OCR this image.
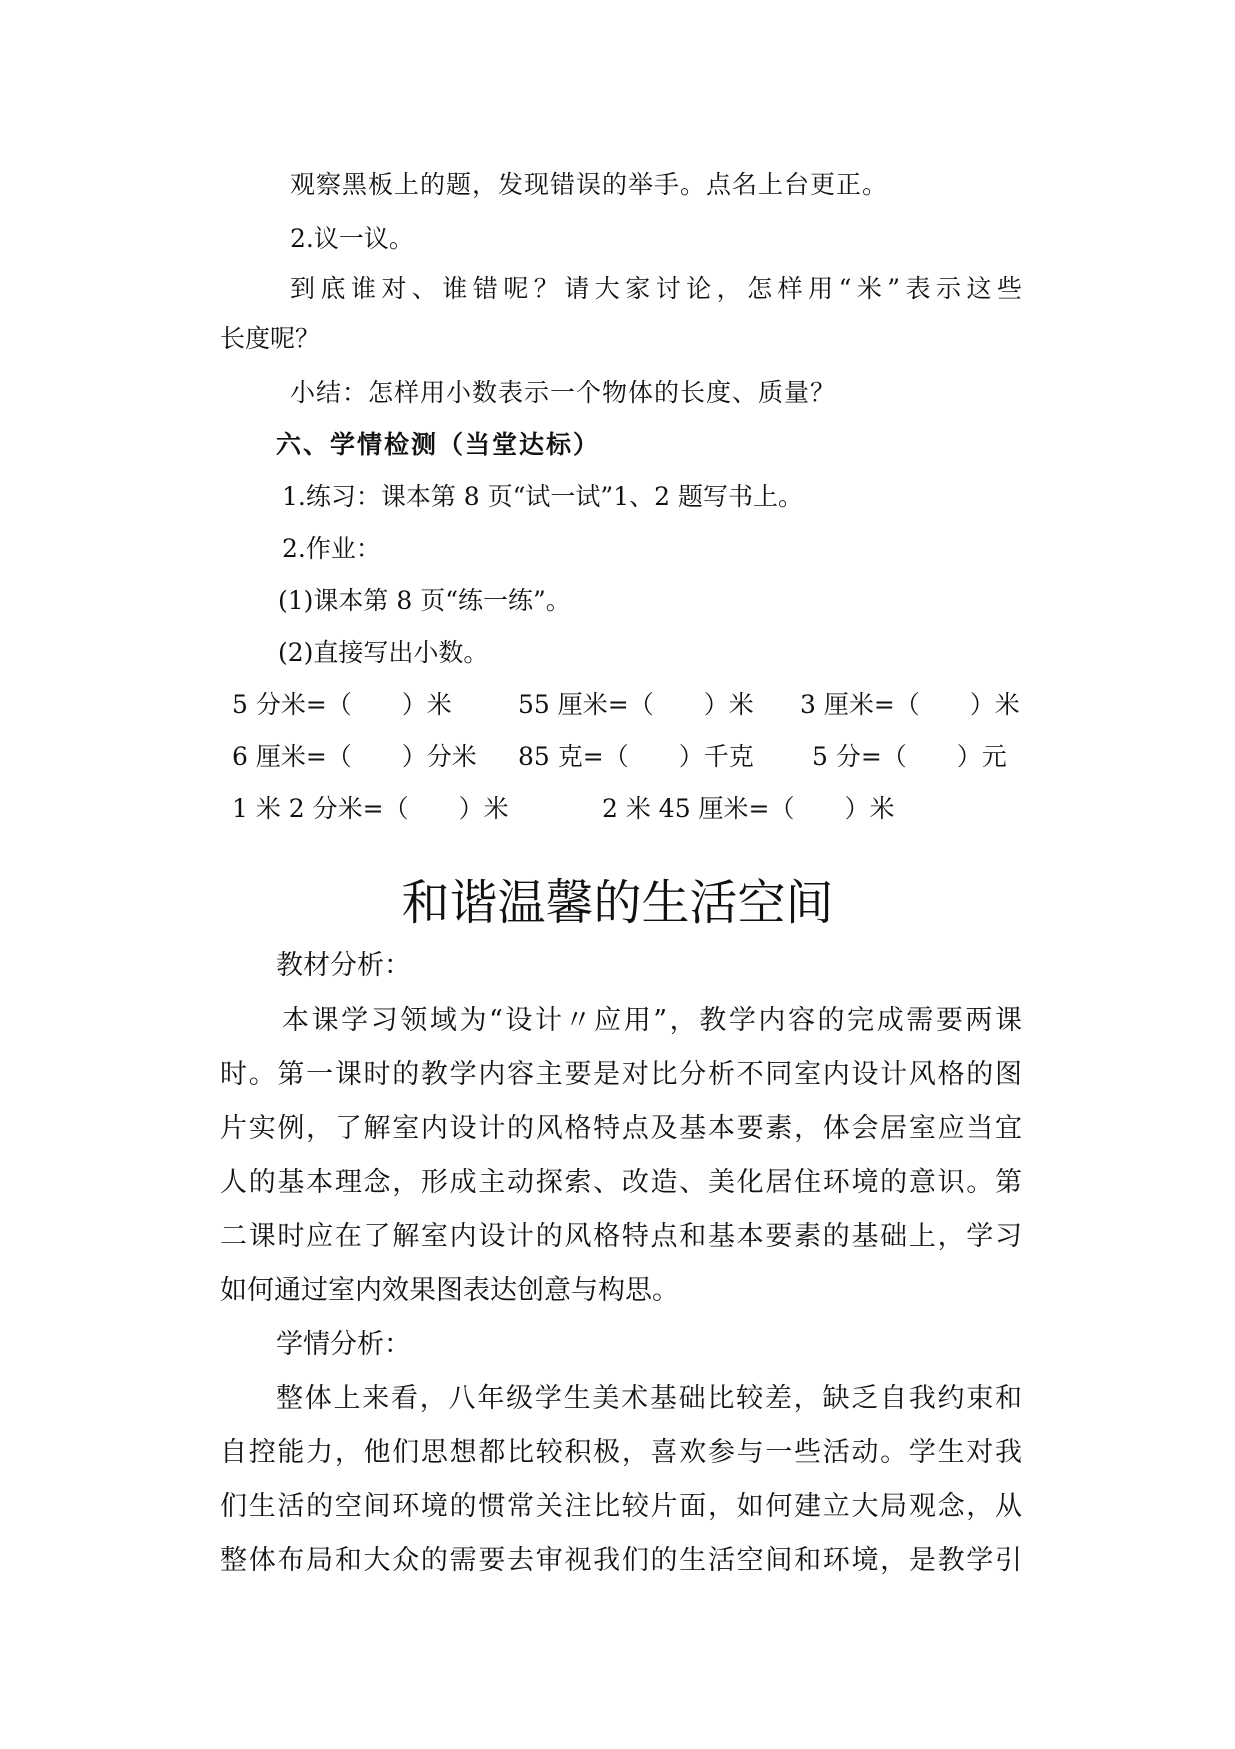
观察黑板上的题，发现错误的举手。点名上台更正。
2.议一议。
到底谁对、谁错呢？请大家讨论，怎样用“米”表示这些
长度呢？
小结：怎样用小数表示一个物体的长度、质量？
六、学情检测（当堂达标）
1.练习：课本第 8 页“试一试”1、2 题写书上。
2.作业：
(1)课本第 8 页“练一练”。
(2)直接写出小数。
5 分米=（　　）米	55 厘米=（　　）米 3 厘米=（　　）米
6 厘米=（　　）分米 85 克=（　　）千克 5 分=（　　）元
1 米 2 分米=（　　）米	2 米 45 厘米=（　　）米
和谐温馨的生活空间
教材分析：
本课学习领域为“设计〃应用”，教学内容的完成需要两课
时。第一课时的教学内容主要是对比分析不同室内设计风格的图
片实例，了解室内设计的风格特点及基本要素，体会居室应当宜
人的基本理念，形成主动探索、改造、美化居住环境的意识。第
二课时应在了解室内设计的风格特点和基本要素的基础上，学习
如何通过室内效果图表达创意与构思。
学情分析：
整体上来看，八年级学生美术基础比较差，缺乏自我约束和
自控能力，他们思想都比较积极，喜欢参与一些活动。学生对我
们生活的空间环境的惯常关注比较片面，如何建立大局观念，从
整体布局和大众的需要去审视我们的生活空间和环境，是教学引
